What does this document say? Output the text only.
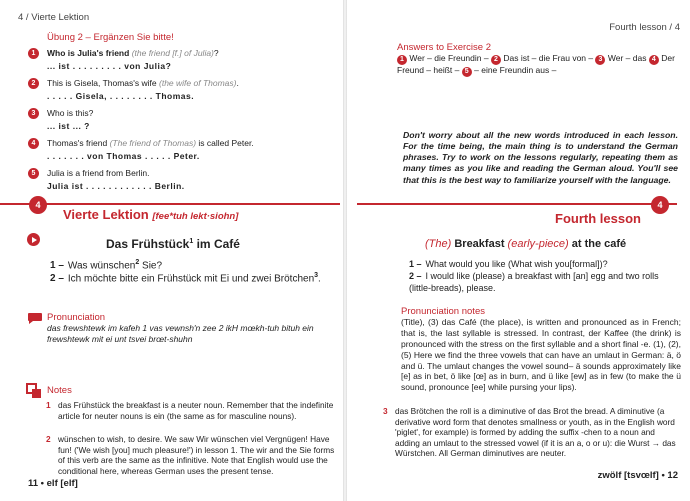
4 / Vierte Lektion
Übung 2 – Ergänzen Sie bitte!
1 Who is Julia's friend (the friend [f.] of Julia)?
... ist . . . . . . . . . von Julia?
2 This is Gisela, Thomas's wife (the wife of Thomas).
. . . . . Gisela, . . . . . . . . Thomas.
3 Who is this?
... ist ... ?
4 Thomas's friend (The friend of Thomas) is called Peter.
. . . . . . . von Thomas . . . . . Peter.
5 Julia is a friend from Berlin.
Julia ist . . . . . . . . . . . . Berlin.
4
Vierte Lektion [fee*tuh lekt·siohn]
Das Frühstück$^1$ im Café
1 – Was wünschen$^2$ Sie?
2 – Ich möchte bitte ein Frühstück mit Ei und zwei Brötchen$^3$.
Pronunciation
das frewshtewk im kafeh 1 vas vewnsh'n zee 2 ikH mœkh-tuh bituh ein frewshtewk mit ei unt tsvei brœt-shuhn
Notes
1 das Frühstück the breakfast is a neuter noun. Remember that the indefinite article for neuter nouns is ein (the same as for masculine nouns).
2 wünschen to wish, to desire. We saw Wir wünschen viel Vergnügen! Have fun! ('We wish [you] much pleasure!') in lesson 1. The wir and the Sie forms of this verb are the same as the infinitive. Note that English would use the conditional here, whereas German uses the present tense.
11 • elf [elf]
Fourth lesson / 4
Answers to Exercise 2
1 Wer – die Freundin – 2 Das ist – die Frau von – 3 Wer – das 4 Der Freund – heißt – 5 – eine Freundin aus –
Don't worry about all the new words introduced in each lesson. For the time being, the main thing is to understand the German phrases. Try to work on the lessons regularly, repeating them as many times as you like and reading the German aloud. You'll see that this is the best way to familiarize yourself with the language.
4
Fourth lesson
(The) Breakfast (early-piece) at the café
1 – What would you like (What wish you[formal])?
2 – I would like (please) a breakfast with [an] egg and two rolls (little-breads), please.
Pronunciation notes
(Title), (3) das Café (the place), is written and pronounced as in French; that is, the last syllable is stressed. In contrast, der Kaffee (the drink) is pronounced with the stress on the first syllable and a short final -e. (1), (2), (5) Here we find the three vowels that can have an umlaut in German: ä, ö and ü. The umlaut changes the vowel sound– ä sounds approximately like [e] as in bet, ö like [œ] as in burn, and ü like [ew] as in few (to make the ü sound, pronounce [ee] while pursing your lips).
3 das Brötchen the roll is a diminutive of das Brot the bread. A diminutive (a derivative word form that denotes smallness or youth, as in the English word 'piglet', for example) is formed by adding the suffix -chen to a noun and adding an umlaut to the stressed vowel (if it is an a, o or u): die Wurst → das Würstchen. All German diminutives are neuter.
zwölf [tsvœlf] • 12
